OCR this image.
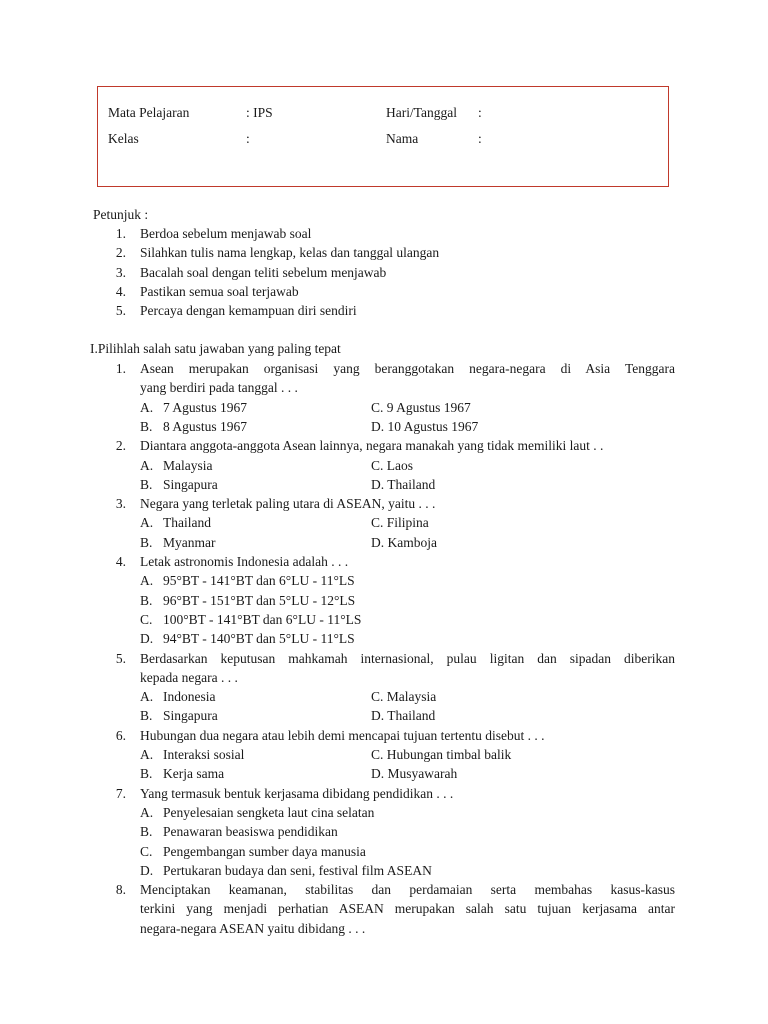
Mata Pelajaran	: IPS	Hari/Tanggal :
Kelas	:	Nama	:
Petunjuk :
1. Berdoa sebelum menjawab soal
2. Silahkan tulis nama lengkap, kelas dan tanggal ulangan
3. Bacalah soal dengan teliti sebelum menjawab
4. Pastikan semua soal terjawab
5. Percaya dengan kemampuan diri sendiri
I.Pilihlah salah satu jawaban yang paling tepat
1. Asean merupakan organisasi yang beranggotakan negara-negara di Asia Tenggara
yang berdiri pada tanggal . . .
A. 7 Agustus 1967	C. 9 Agustus 1967
B. 8 Agustus 1967	D. 10 Agustus 1967
2. Diantara anggota-anggota Asean lainnya, negara manakah yang tidak memiliki laut . .
A. Malaysia	C. Laos
B. Singapura	D. Thailand
3. Negara yang terletak paling utara di ASEAN, yaitu . . .
A. Thailand	C. Filipina
B. Myanmar	D. Kamboja
4. Letak astronomis Indonesia adalah . . .
A. 95°BT - 141°BT dan 6°LU - 11°LS
B. 96°BT - 151°BT dan 5°LU - 12°LS
C. 100°BT - 141°BT dan 6°LU - 11°LS
D. 94°BT - 140°BT dan 5°LU - 11°LS
5. Berdasarkan keputusan mahkamah internasional, pulau ligitan dan sipadan diberikan
kepada negara . . .
A. Indonesia	C. Malaysia
B. Singapura	D. Thailand
6. Hubungan dua negara atau lebih demi mencapai tujuan tertentu disebut . . .
A. Interaksi sosial	C. Hubungan timbal balik
B. Kerja sama	D. Musyawarah
7. Yang termasuk bentuk kerjasama dibidang pendidikan . . .
A. Penyelesaian sengketa laut cina selatan
B. Penawaran beasiswa pendidikan
C. Pengembangan sumber daya manusia
D. Pertukaran budaya dan seni, festival film ASEAN
8. Menciptakan keamanan, stabilitas dan perdamaian serta membahas kasus-kasus
terkini yang menjadi perhatian ASEAN merupakan salah satu tujuan kerjasama antar
negara-negara ASEAN yaitu dibidang . . .
